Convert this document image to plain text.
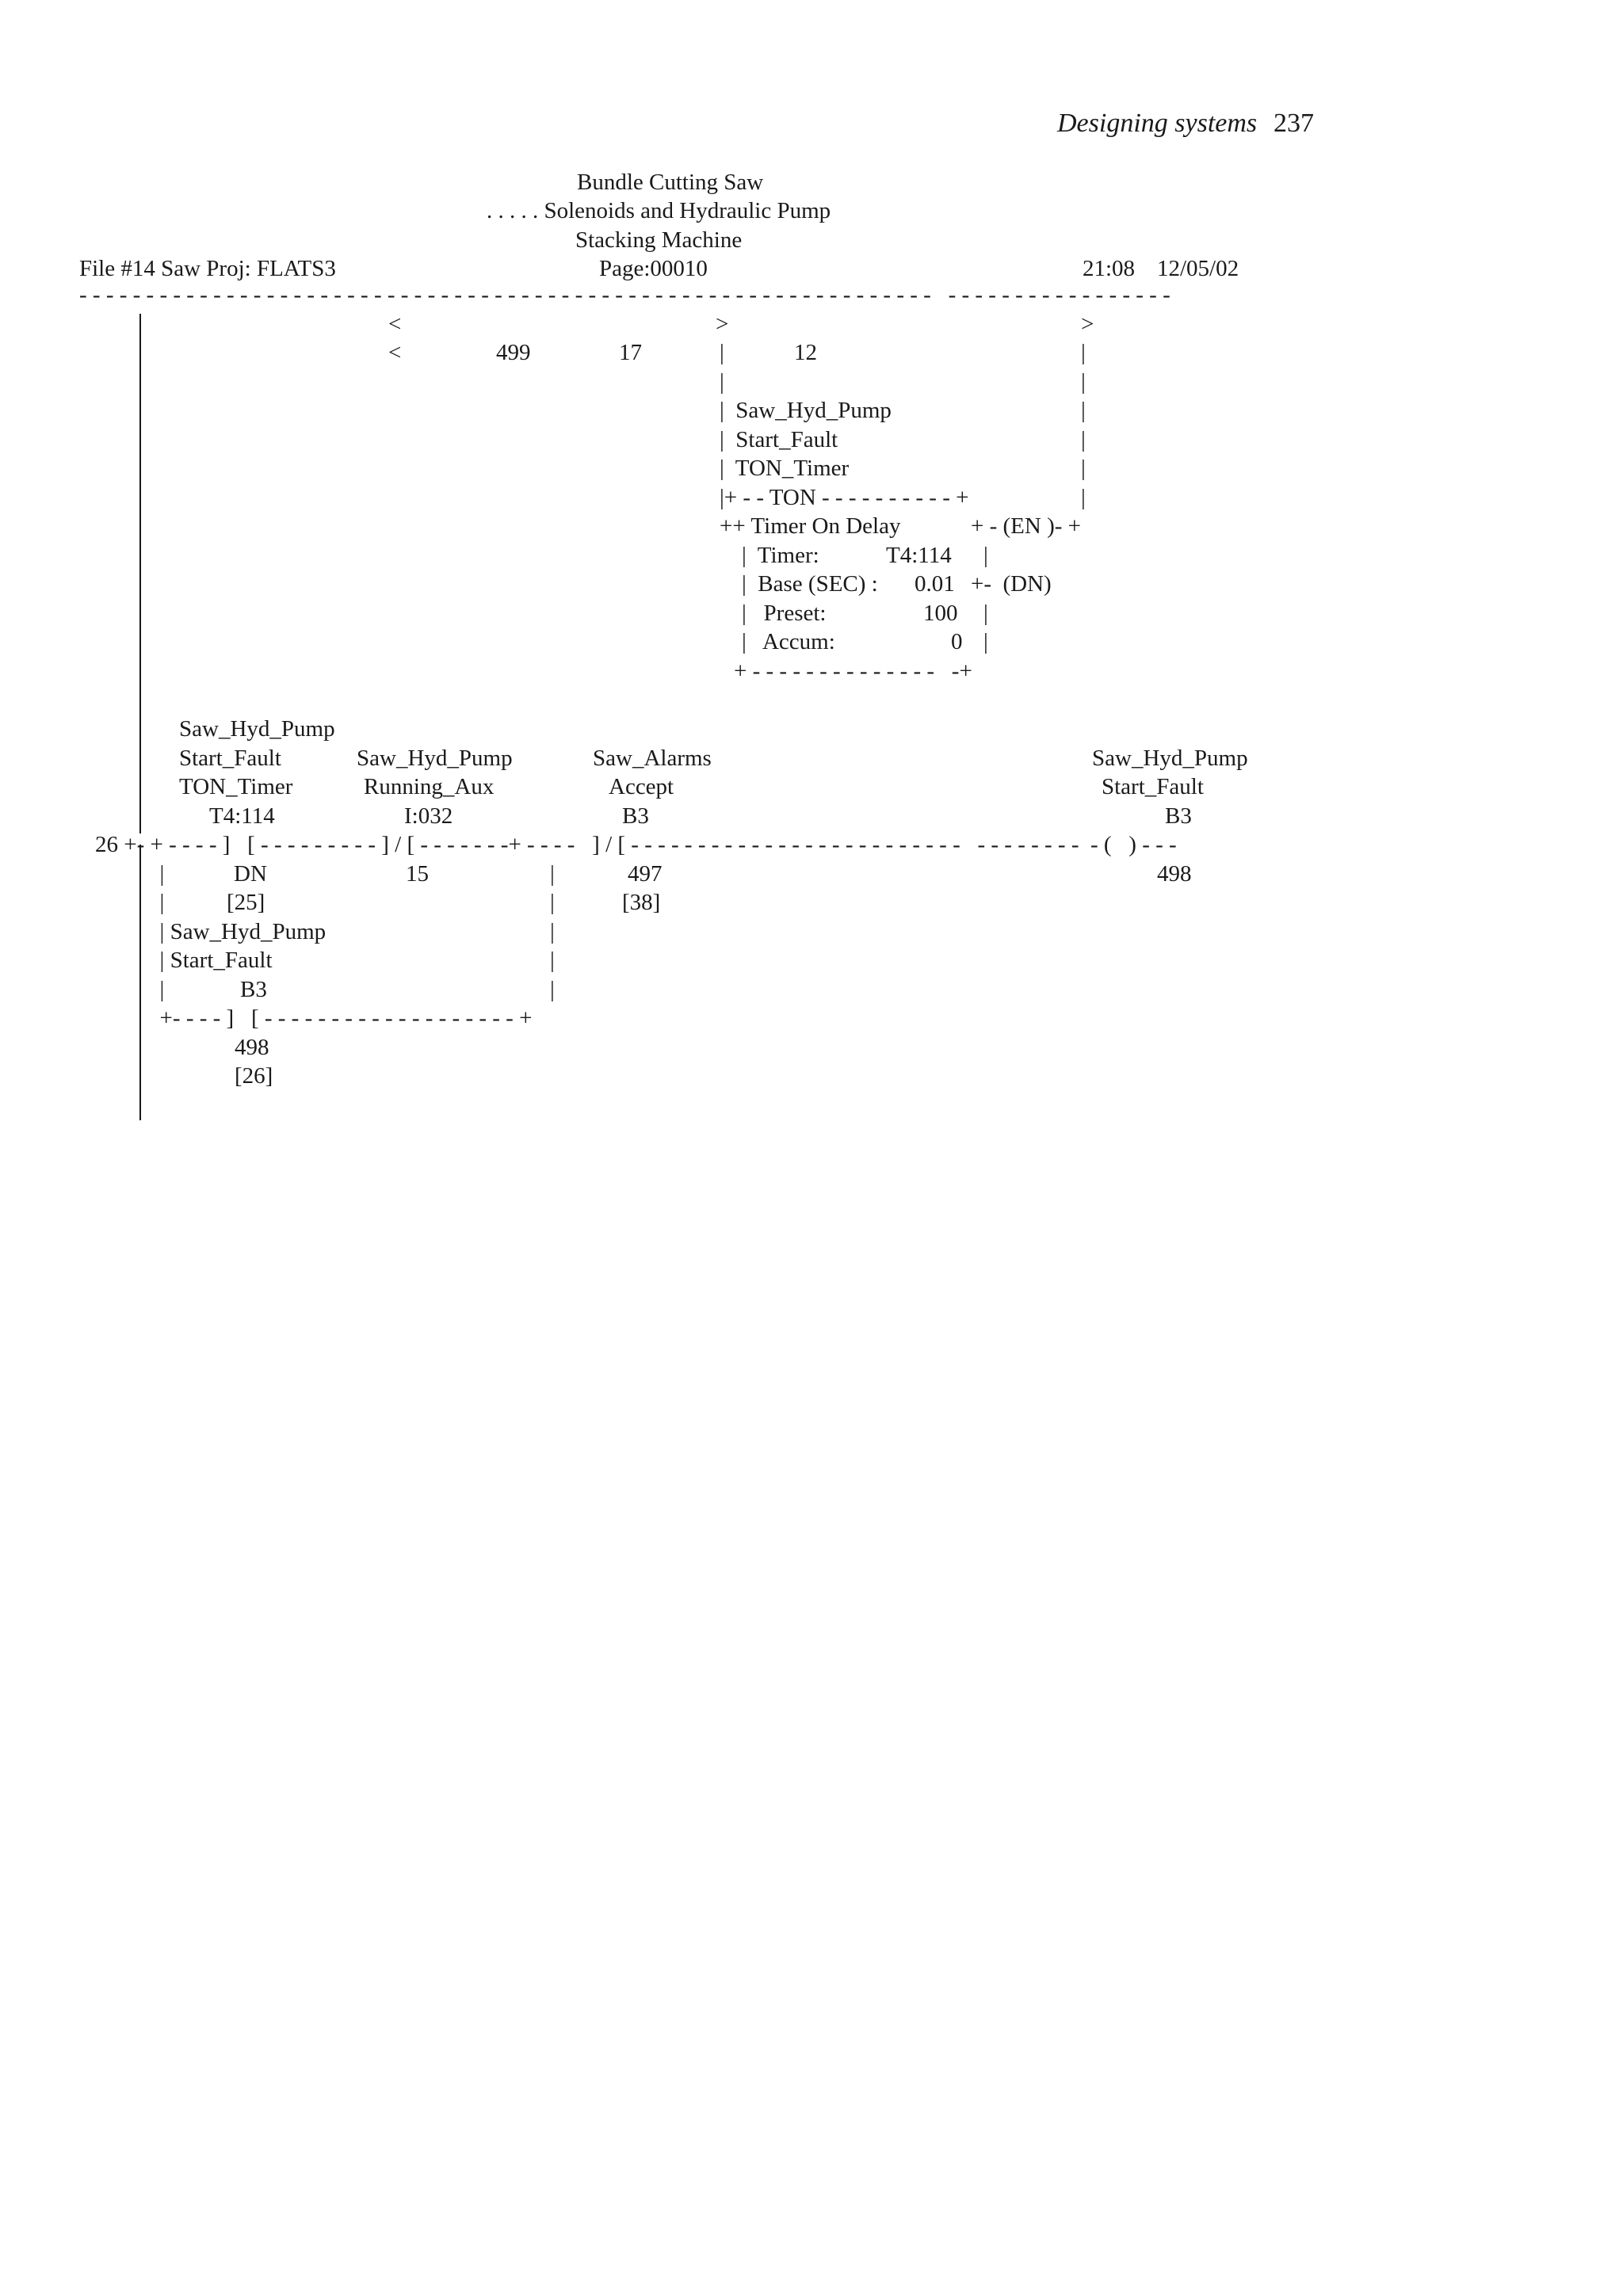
Designing systems 237
Bundle Cutting Saw
. . . . . Solenoids and Hydraulic Pump
Stacking Machine
File #14 Saw Proj: FLATS3	Page:00010	21:08 12/05/02
- - - - - - - - - - - - - - - - - - - - - - - - - - - - - - - - - - - - - - - - - - - - - - - - - - - - - - - - - - - - - - - -   - - - - - - - - - - - - - - - - -
<	>	>
<	499	17	|	12	|
|	|
|  Saw_Hyd_Pump	|
|  Start_Fault	|
|  TON_Timer	|
|+ - - TON - - - - - - - - - - +	|
++ Timer On Delay	+ - (EN )- +
|  Timer:	T4:114 |
|  Base (SEC) : 0.01 +-  (DN)
|   Preset:	100 |
|   Accum:	0 |
+ - - - - - - - - - - - - - -   -+
Saw_Hyd_Pump
Start_Fault	Saw_Hyd_Pump	Saw_Alarms	Saw_Hyd_Pump
TON_Timer	Running_Aux	Accept	Start_Fault
T4:114	I:032	B3	B3
26 +- + - - - - ]   [ - - - - - - - - - ] / [ - - - - - - -+ - - - -   ] / [ - - - - - - - - - - - - - - - - - - - - - - - - -   - - - - - - - -  - (   ) - - -
|   |	DN	15	|	497	498
|   |	[25]	|	[38]
|   | Saw_Hyd_Pump	|
|   | Start_Fault	|
|   |	B3	|
|   +- - - - ]   [ - - - - - - - - - - - - - - - - - - - +
498
[26]
